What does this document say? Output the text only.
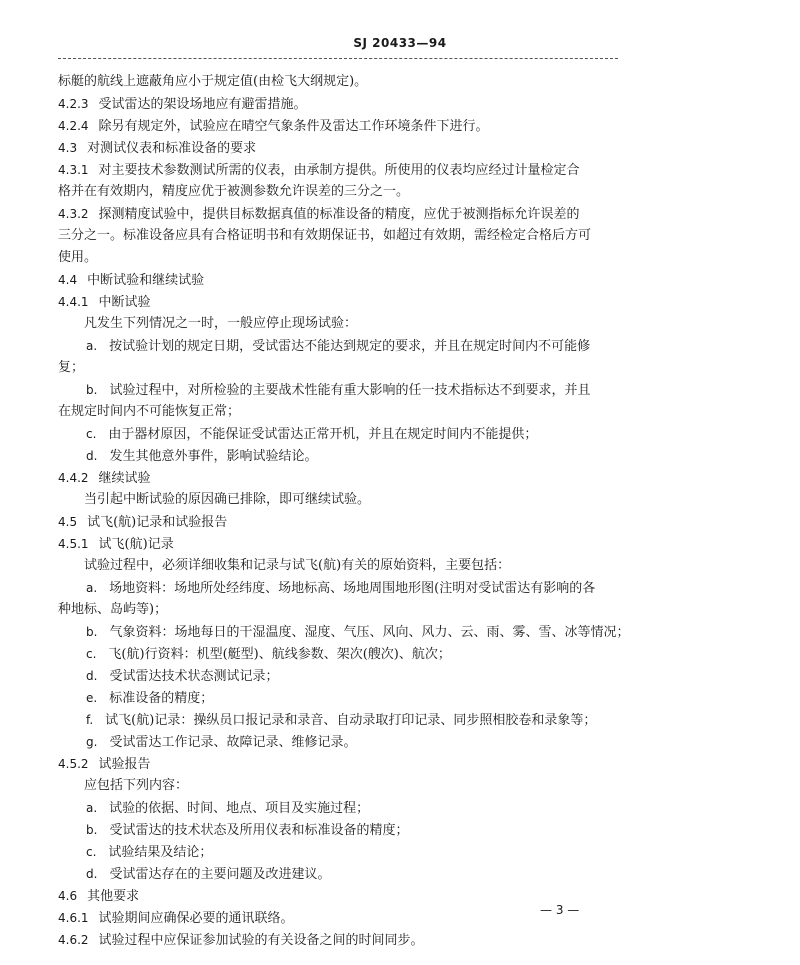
SJ 20433—94
标艇的航线上遮蔽角应小于规定值(由检飞大纲规定)。
4.2.3 受试雷达的架设场地应有避雷措施。
4.2.4 除另有规定外，试验应在晴空气象条件及雷达工作环境条件下进行。
4.3 对测试仪表和标准设备的要求
4.3.1 对主要技术参数测试所需的仪表，由承制方提供。所使用的仪表均应经过计量检定合
格并在有效期内，精度应优于被测参数允许误差的三分之一。
4.3.2 探测精度试验中，提供目标数据真值的标准设备的精度，应优于被测指标允许误差的
三分之一。标准设备应具有合格证明书和有效期保证书，如超过有效期，需经检定合格后方可
使用。
4.4 中断试验和继续试验
4.4.1 中断试验
凡发生下列情况之一时，一般应停止现场试验：
a. 按试验计划的规定日期，受试雷达不能达到规定的要求，并且在规定时间内不可能修
复；
b. 试验过程中，对所检验的主要战术性能有重大影响的任一技术指标达不到要求，并且
在规定时间内不可能恢复正常；
c. 由于器材原因，不能保证受试雷达正常开机，并且在规定时间内不能提供；
d. 发生其他意外事件，影响试验结论。
4.4.2 继续试验
当引起中断试验的原因确已排除，即可继续试验。
4.5 试飞(航)记录和试验报告
4.5.1 试飞(航)记录
试验过程中，必须详细收集和记录与试飞(航)有关的原始资料，主要包括：
a. 场地资料：场地所处经纬度、场地标高、场地周围地形图(注明对受试雷达有影响的各
种地标、岛屿等)；
b. 气象资料：场地每日的干湿温度、湿度、气压、风向、风力、云、雨、雾、雪、冰等情况；
c. 飞(航)行资料：机型(艇型)、航线参数、架次(艘次)、航次；
d. 受试雷达技术状态测试记录；
e. 标准设备的精度；
f. 试飞(航)记录：操纵员口报记录和录音、自动录取打印记录、同步照相胶卷和录象等；
g. 受试雷达工作记录、故障记录、维修记录。
4.5.2 试验报告
应包括下列内容：
a. 试验的依据、时间、地点、项目及实施过程；
b. 受试雷达的技术状态及所用仪表和标准设备的精度；
c. 试验结果及结论；
d. 受试雷达存在的主要问题及改进建议。
4.6 其他要求
4.6.1 试验期间应确保必要的通讯联络。
4.6.2 试验过程中应保证参加试验的有关设备之间的时间同步。
— 3 —
